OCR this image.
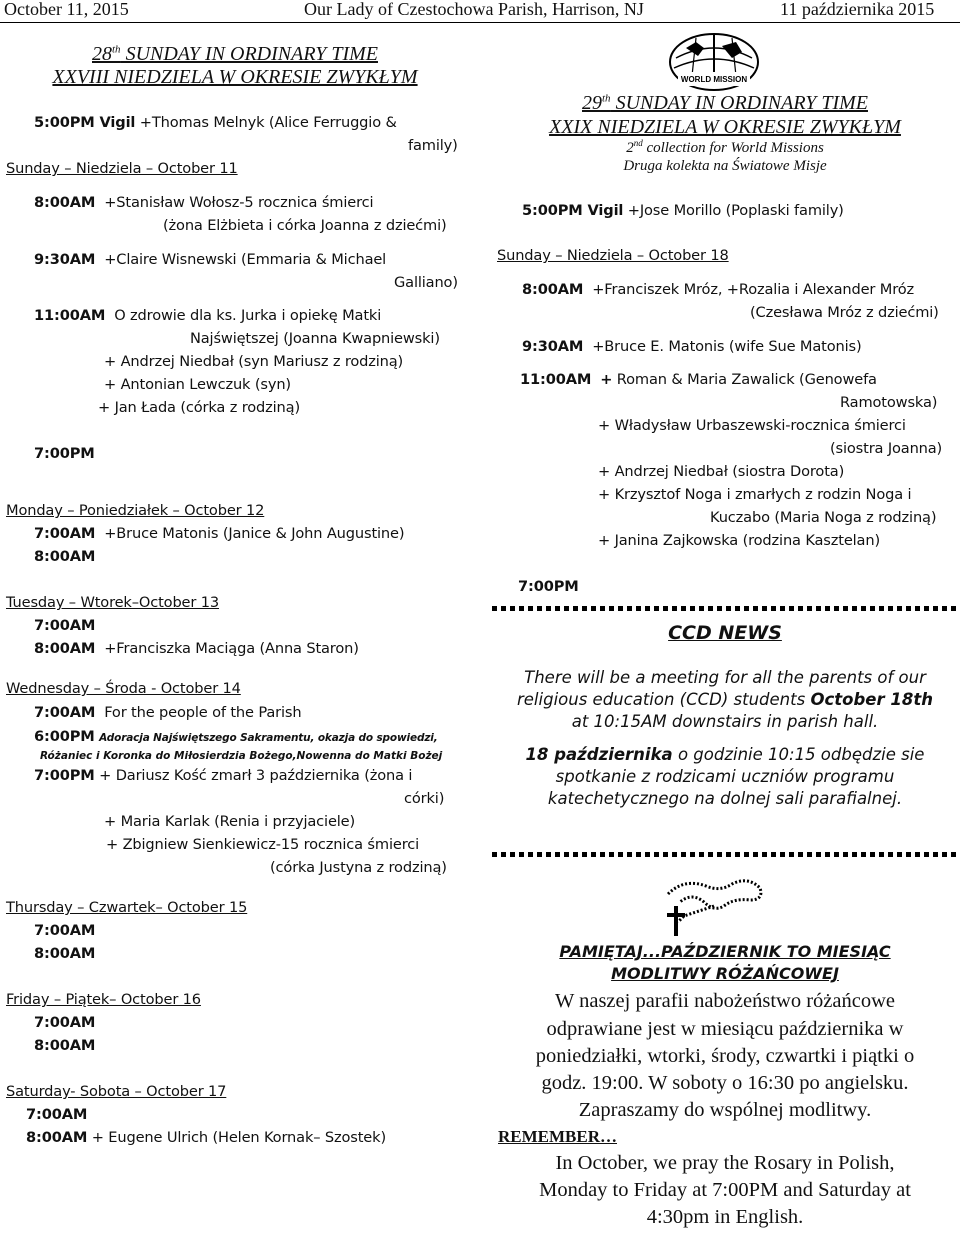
October 11, 2015	Our Lady of Czestochowa Parish, Harrison, NJ	11 października 2015
28th SUNDAY IN ORDINARY TIME
XXVIII NIEDZIELA W OKRESIE ZWYKŁYM
5:00PM Vigil +Thomas Melnyk (Alice Ferruggio &
family)
Sunday – Niedziela – October 11
8:00AM +Stanisław Wołosz-5 rocznica śmierci
(żona Elżbieta i córka Joanna z dziećmi)
9:30AM +Claire Wisnewski (Emmaria & Michael
Galliano)
11:00AM O zdrowie dla ks. Jurka i opiekę Matki
Najświętszej (Joanna Kwapniewski)
+ Andrzej Niedbał (syn Mariusz z rodziną)
+ Antonian Lewczuk (syn)
+ Jan Łada (córka z rodziną)
7:00PM
Monday – Poniedziałek – October 12
7:00AM +Bruce Matonis (Janice & John Augustine)
8:00AM
Tuesday – Wtorek–October 13
7:00AM
8:00AM +Franciszka Maciąga (Anna Staron)
Wednesday – Środa - October 14
7:00AM For the people of the Parish
6:00PM Adoracja Najświętszego Sakramentu, okazja do spowiedzi,
Różaniec i Koronka do Miłosierdzia Bożego,Nowenna do Matki Bożej
7:00PM + Dariusz Kość zmarł 3 października (żona i
córki)
+ Maria Karlak (Renia i przyjaciele)
+ Zbigniew Sienkiewicz-15 rocznica śmierci
(córka Justyna z rodziną)
Thursday – Czwartek– October 15
7:00AM
8:00AM
Friday – Piątek– October 16
7:00AM
8:00AM
Saturday- Sobota – October 17
7:00AM
8:00AM + Eugene Ulrich (Helen Kornak– Szostek)
WORLD MISSION
29th SUNDAY IN ORDINARY TIME
XXIX NIEDZIELA W OKRESIE ZWYKŁYM
2nd collection for World Missions
Druga kolekta na Światowe Misje
5:00PM Vigil +Jose Morillo (Poplaski family)
Sunday – Niedziela – October 18
8:00AM +Franciszek Mróz, +Rozalia i Alexander Mróz
(Czesława Mróz z dziećmi)
9:30AM +Bruce E. Matonis (wife Sue Matonis)
11:00AM + Roman & Maria Zawalick (Genowefa
Ramotowska)
+ Władysław Urbaszewski-rocznica śmierci
(siostra Joanna)
+ Andrzej Niedbał (siostra Dorota)
+ Krzysztof Noga i zmarłych z rodzin Noga i
Kuczabo (Maria Noga z rodziną)
+ Janina Zajkowska (rodzina Kasztelan)
7:00PM
CCD NEWS
There will be a meeting for all the parents of our
religious education (CCD) students October 18th
at 10:15AM downstairs in parish hall.
18 października o godzinie 10:15 odbędzie sie
spotkanie z rodzicami uczniów programu
katechetycznego na dolnej sali parafialnej.
PAMIĘTAJ...PAŹDZIERNIK TO MIESIĄC
MODLITWY RÓŻAŃCOWEJ
W naszej parafii nabożeństwo różańcowe
odprawiane jest w miesiącu października w
poniedziałki, wtorki, środy, czwartki i piątki o
godz. 19:00. W soboty o 16:30 po angielsku.
Zapraszamy do wspólnej modlitwy.
REMEMBER…
In October, we pray the Rosary in Polish,
Monday to Friday at 7:00PM and Saturday at
4:30pm in English.
